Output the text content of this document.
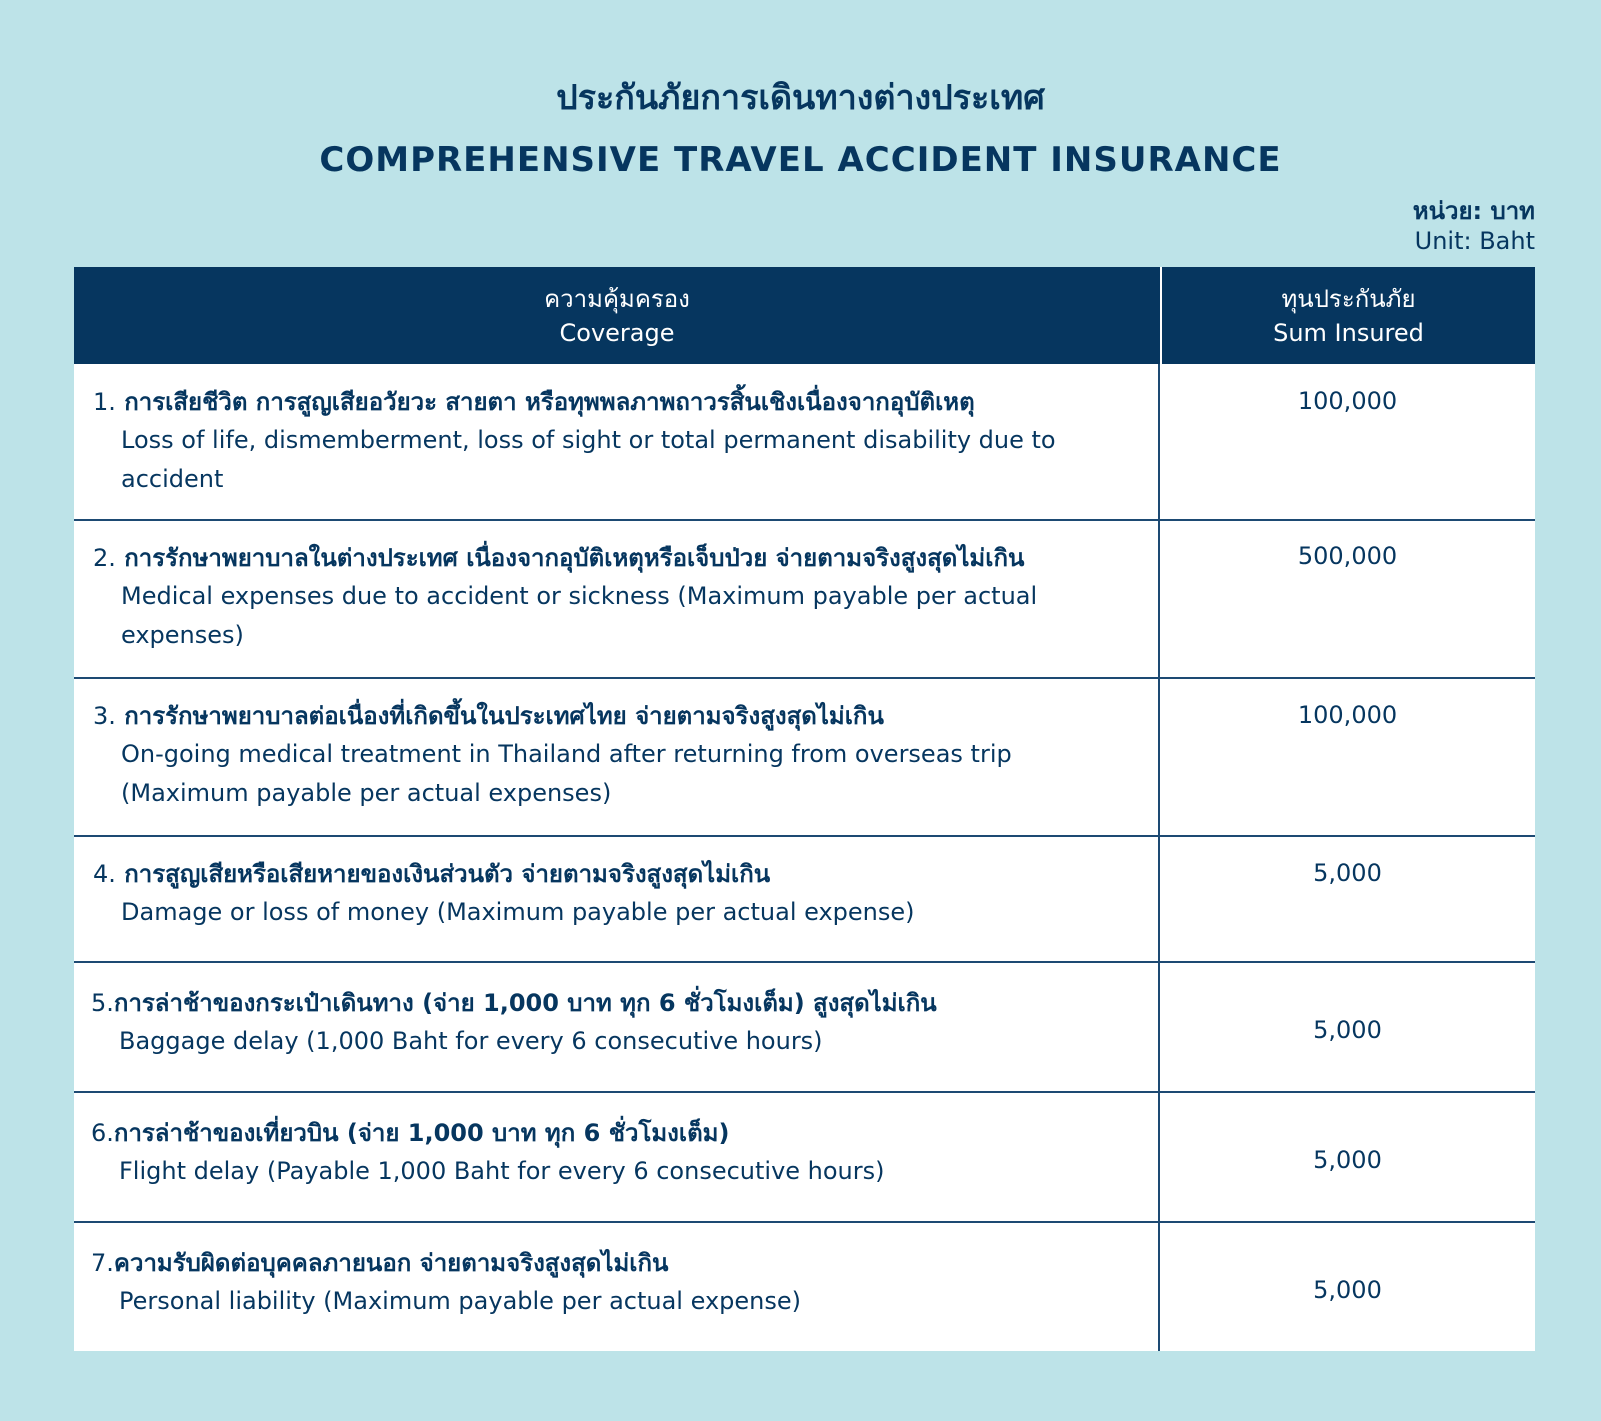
ประกันภัยการเดินทางต่างประเทศ
COMPREHENSIVE TRAVEL ACCIDENT INSURANCE
หน่วย: บาท
Unit: Baht
ความคุ้มครอง
Coverage
ทุนประกันภัย
Sum Insured
1. การเสียชีวิต การสูญเสียอวัยวะ สายตา หรือทุพพลภาพถาวรสิ้นเชิงเนื่องจากอุบัติเหตุ
Loss of life, dismemberment, loss of sight or total permanent disability due to accident
100,000
2. การรักษาพยาบาลในต่างประเทศ เนื่องจากอุบัติเหตุหรือเจ็บป่วย จ่ายตามจริงสูงสุดไม่เกิน
Medical expenses due to accident or sickness (Maximum payable per actual expenses)
500,000
3. การรักษาพยาบาลต่อเนื่องที่เกิดขึ้นในประเทศไทย จ่ายตามจริงสูงสุดไม่เกิน
On-going medical treatment in Thailand after returning from overseas trip (Maximum payable per actual expenses)
100,000
4. การสูญเสียหรือเสียหายของเงินส่วนตัว จ่ายตามจริงสูงสุดไม่เกิน
Damage or loss of money (Maximum payable per actual expense)
5,000
5.การล่าช้าของกระเป๋าเดินทาง (จ่าย 1,000 บาท ทุก 6 ชั่วโมงเต็ม) สูงสุดไม่เกิน
Baggage delay (1,000 Baht for every 6 consecutive hours)	5,000
6.การล่าช้าของเที่ยวบิน (จ่าย 1,000 บาท ทุก 6 ชั่วโมงเต็ม)
Flight delay (Payable 1,000 Baht for every 6 consecutive hours)	5,000
7.ความรับผิดต่อบุคคลภายนอก จ่ายตามจริงสูงสุดไม่เกิน
Personal liability (Maximum payable per actual expense)	5,000
